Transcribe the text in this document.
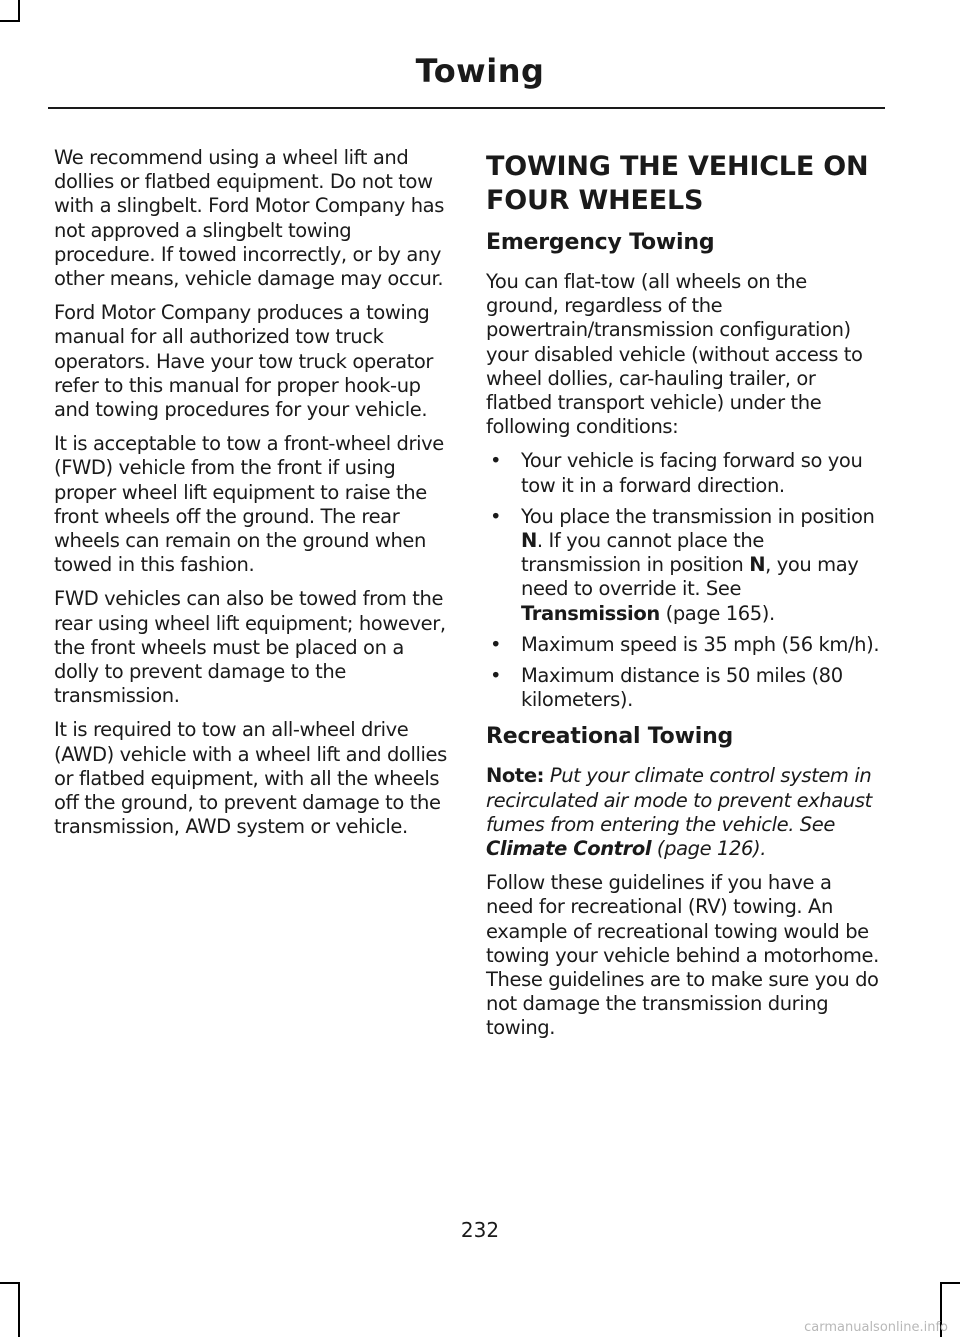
Towing

We recommend using a wheel lift and dollies or flatbed equipment. Do not tow with a slingbelt. Ford Motor Company has not approved a slingbelt towing procedure. If towed incorrectly, or by any other means, vehicle damage may occur.

Ford Motor Company produces a towing manual for all authorized tow truck operators. Have your tow truck operator refer to this manual for proper hook-up and towing procedures for your vehicle.

It is acceptable to tow a front-wheel drive (FWD) vehicle from the front if using proper wheel lift equipment to raise the front wheels off the ground. The rear wheels can remain on the ground when towed in this fashion.

FWD vehicles can also be towed from the rear using wheel lift equipment; however, the front wheels must be placed on a dolly to prevent damage to the transmission.

It is required to tow an all-wheel drive (AWD) vehicle with a wheel lift and dollies or flatbed equipment, with all the wheels off the ground, to prevent damage to the transmission, AWD system or vehicle.

TOWING THE VEHICLE ON FOUR WHEELS
Emergency Towing

You can flat-tow (all wheels on the ground, regardless of the powertrain/transmission configuration) your disabled vehicle (without access to wheel dollies, car-hauling trailer, or flatbed transport vehicle) under the following conditions:

• Your vehicle is facing forward so you tow it in a forward direction.
• You place the transmission in position N. If you cannot place the transmission in position N, you may need to override it. See Transmission (page 165).
• Maximum speed is 35 mph (56 km/h).
• Maximum distance is 50 miles (80 kilometers).
Recreational Towing

Note: Put your climate control system in recirculated air mode to prevent exhaust fumes from entering the vehicle. See Climate Control (page 126).

Follow these guidelines if you have a need for recreational (RV) towing. An example of recreational towing would be towing your vehicle behind a motorhome. These guidelines are to make sure you do not damage the transmission during towing.

232
carmanualsonline.info
